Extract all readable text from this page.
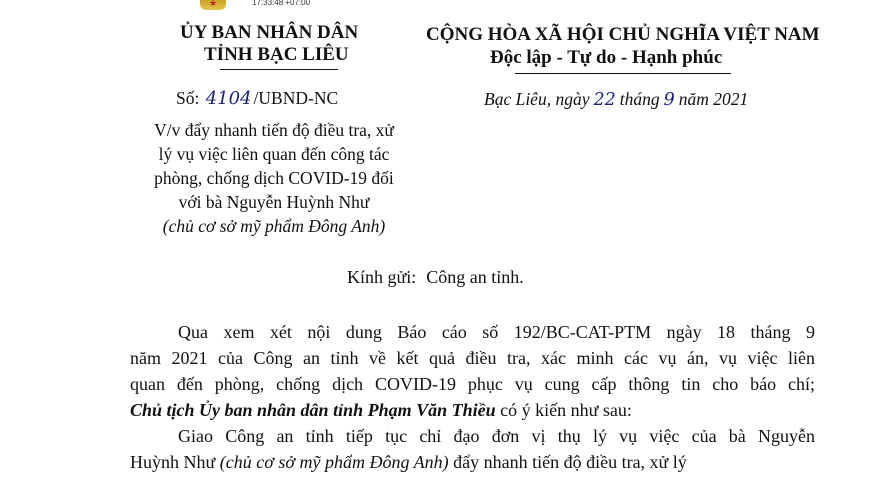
★	17:33:48 +07:00
ỦY BAN NHÂN DÂN
TỈNH BẠC LIÊU
CỘNG HÒA XÃ HỘI CHỦ NGHĨA VIỆT NAM
Độc lập - Tự do - Hạnh phúc
Số: 4104 /UBND-NC	Bạc Liêu, ngày 22 tháng 9 năm 2021
V/v đẩy nhanh tiến độ điều tra, xử
lý vụ việc liên quan đến công tác
phòng, chống dịch COVID-19 đối
với bà Nguyễn Huỳnh Như
(chủ cơ sở mỹ phẩm Đông Anh)
Kính gửi: Công an tỉnh.
Qua xem xét nội dung Báo cáo số 192/BC-CAT-PTM ngày 18 tháng 9
năm 2021 của Công an tỉnh về kết quả điều tra, xác minh các vụ án, vụ việc liên
quan đến phòng, chống dịch COVID-19 phục vụ cung cấp thông tin cho báo chí;
Chủ tịch Ủy ban nhân dân tỉnh Phạm Văn Thiều có ý kiến như sau:
Giao Công an tỉnh tiếp tục chỉ đạo đơn vị thụ lý vụ việc của bà Nguyễn
Huỳnh Như (chủ cơ sở mỹ phẩm Đông Anh) đẩy nhanh tiến độ điều tra, xử lý
